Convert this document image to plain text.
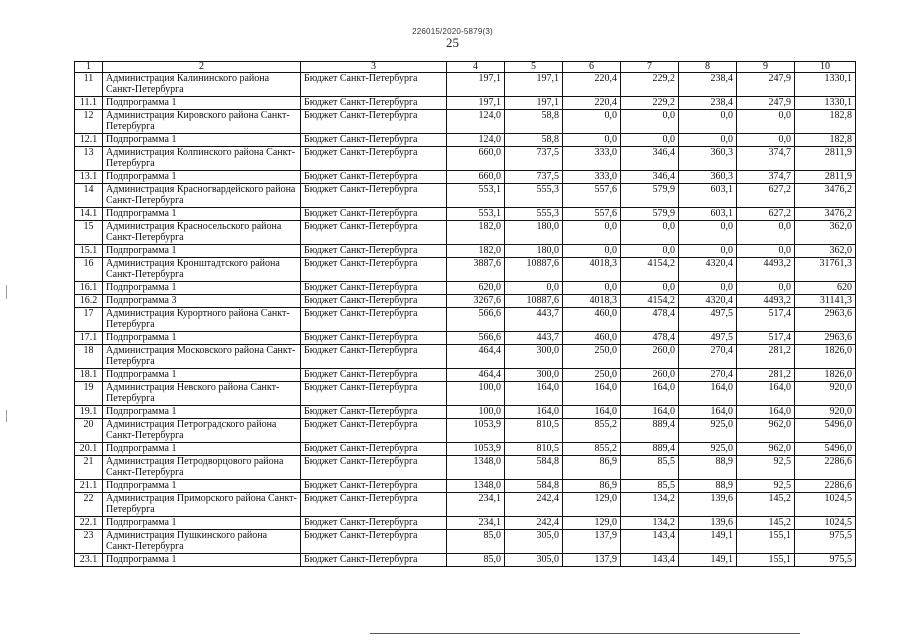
226015/2020-5879(3)
25
1	2	3	4	5	6	7	8	9	10
11	Администрация Калининского района Санкт-Петербурга	Бюджет Санкт-Петербурга	197,1	197,1	220,4	229,2	238,4	247,9	1330,1
11.1	Подпрограмма 1	Бюджет Санкт-Петербурга	197,1	197,1	220,4	229,2	238,4	247,9	1330,1
12	Администрация Кировского района Санкт-Петербурга	Бюджет Санкт-Петербурга	124,0	58,8	0,0	0,0	0,0	0,0	182,8
12.1	Подпрограмма 1	Бюджет Санкт-Петербурга	124,0	58,8	0,0	0,0	0,0	0,0	182,8
13	Администрация Колпинского района Санкт-Петербурга	Бюджет Санкт-Петербурга	660,0	737,5	333,0	346,4	360,3	374,7	2811,9
13.1	Подпрограмма 1	Бюджет Санкт-Петербурга	660,0	737,5	333,0	346,4	360,3	374,7	2811,9
14	Администрация Красногвардейского района Санкт-Петербурга	Бюджет Санкт-Петербурга	553,1	555,3	557,6	579,9	603,1	627,2	3476,2
14.1	Подпрограмма 1	Бюджет Санкт-Петербурга	553,1	555,3	557,6	579,9	603,1	627,2	3476,2
15	Администрация Красносельского района Санкт-Петербурга	Бюджет Санкт-Петербурга	182,0	180,0	0,0	0,0	0,0	0,0	362,0
15.1	Подпрограмма 1	Бюджет Санкт-Петербурга	182,0	180,0	0,0	0,0	0,0	0,0	362,0
16	Администрация Кронштадтского района Санкт-Петербурга	Бюджет Санкт-Петербурга	3887,6	10887,6	4018,3	4154,2	4320,4	4493,2	31761,3
16.1	Подпрограмма 1	Бюджет Санкт-Петербурга	620,0	0,0	0,0	0,0	0,0	0,0	620
16.2	Подпрограмма 3	Бюджет Санкт-Петербурга	3267,6	10887,6	4018,3	4154,2	4320,4	4493,2	31141,3
17	Администрация Курортного района Санкт-Петербурга	Бюджет Санкт-Петербурга	566,6	443,7	460,0	478,4	497,5	517,4	2963,6
17.1	Подпрограмма 1	Бюджет Санкт-Петербурга	566,6	443,7	460,0	478,4	497,5	517,4	2963,6
18	Администрация Московского района Санкт-Петербурга	Бюджет Санкт-Петербурга	464,4	300,0	250,0	260,0	270,4	281,2	1826,0
18.1	Подпрограмма 1	Бюджет Санкт-Петербурга	464,4	300,0	250,0	260,0	270,4	281,2	1826,0
19	Администрация Невского района Санкт-Петербурга	Бюджет Санкт-Петербурга	100,0	164,0	164,0	164,0	164,0	164,0	920,0
19.1	Подпрограмма 1	Бюджет Санкт-Петербурга	100,0	164,0	164,0	164,0	164,0	164,0	920,0
20	Администрация Петроградского района Санкт-Петербурга	Бюджет Санкт-Петербурга	1053,9	810,5	855,2	889,4	925,0	962,0	5496,0
20.1	Подпрограмма 1	Бюджет Санкт-Петербурга	1053,9	810,5	855,2	889,4	925,0	962,0	5496,0
21	Администрация Петродворцового района Санкт-Петербурга	Бюджет Санкт-Петербурга	1348,0	584,8	86,9	85,5	88,9	92,5	2286,6
21.1	Подпрограмма 1	Бюджет Санкт-Петербурга	1348,0	584,8	86,9	85,5	88,9	92,5	2286,6
22	Администрация Приморского района Санкт-Петербурга	Бюджет Санкт-Петербурга	234,1	242,4	129,0	134,2	139,6	145,2	1024,5
22.1	Подпрограмма 1	Бюджет Санкт-Петербурга	234,1	242,4	129,0	134,2	139,6	145,2	1024,5
23	Администрация Пушкинского района Санкт-Петербурга	Бюджет Санкт-Петербурга	85,0	305,0	137,9	143,4	149,1	155,1	975,5
23.1	Подпрограмма 1	Бюджет Санкт-Петербурга	85,0	305,0	137,9	143,4	149,1	155,1	975,5
